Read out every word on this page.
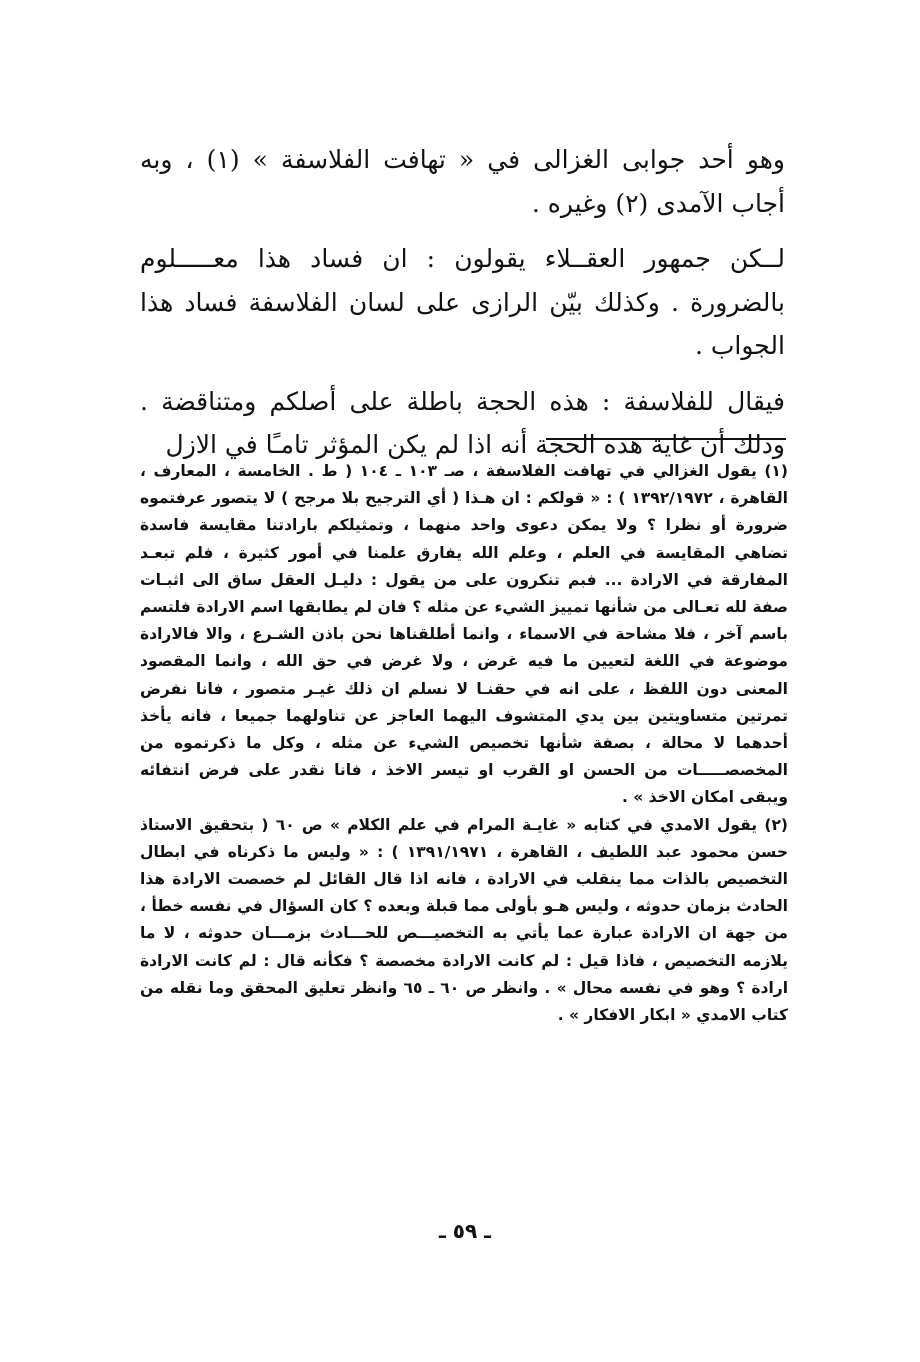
وهو أحد جوابى الغزالى في « تهافت الفلاسفة » (١) ، وبه أجاب الآمدى (٢) وغيره .

لــكن جمهور العقــلاء يقولون : ان فساد هذا معـــــلوم بالضرورة . وكذلك بيّن الرازى على لسان الفلاسفة فساد هذا الجواب .

فيقال للفلاسفة : هذه الحجة باطلة على أصلكم ومتناقضة . وذلك أن غاية هذه الحجة أنه اذا لم يكن المؤثر تامـًا في الازل

(١) يقول الغزالي في تهافت الفلاسفة ، صـ ١٠٣ ـ ١٠٤ ( ط . الخامسة ، المعارف ، القاهرة ، ١٣٩٢/١٩٧٢ ) : « قولكم : ان هـذا ( أي الترجيح بلا مرجح ) لا يتصور عرفتموه ضرورة أو نظرا ؟ ولا يمكن دعوى واحد منهما ، وتمثيلكم بارادتنا مقايسة فاسدة تضاهي المقايسة في العلم ، وعلم الله يفارق علمنا في أمور كثيرة ، فلم تبعـد المفارقة في الارادة ... فبم تنكرون على من يقول : دليـل العقل ساق الى اثبـات صفة لله تعـالى من شأنها تمييز الشيء عن مثله ؟ فان لم يطابقها اسم الارادة فلتسم باسم آخر ، فلا مشاحة في الاسماء ، وانما أطلقناها نحن باذن الشـرع ، والا فالارادة موضوعة في اللغة لتعيين ما فيه غرض ، ولا غرض في حق الله ، وانما المقصود المعنى دون اللفظ ، على انه في حقنـا لا نسلم ان ذلك غيـر متصور ، فانا نفرض تمرتين متساويتين بين يدي المتشوف اليهما العاجز عن تناولهما جميعا ، فانه يأخذ أحدهما لا محالة ، بصفة شأنها تخصيص الشيء عن مثله ، وكل ما ذكرتموه من المخصصـــــات من الحسن او القرب او تيسر الاخذ ، فانا نقدر على فرض انتفائه ويبقى امكان الاخذ » .

(٢) يقول الامدي في كتابه « غايـة المرام في علم الكلام » ص ٦٠ ( بتحقيق الاستاذ حسن محمود عبد اللطيف ، القاهرة ، ١٣٩١/١٩٧١ ) : « وليس ما ذكرناه في ابطال التخصيص بالذات مما ينقلب في الارادة ، فانه اذا قال القائل لم خصصت الارادة هذا الحادث بزمان حدوثه ، وليس هـو بأولى مما قبلة وبعده ؟ كان السؤال في نفسه خطأ ، من جهة ان الارادة عبارة عما يأتي به التخصيـــص للحـــادث بزمـــان حدوثه ، لا ما يلازمه التخصيص ، فاذا قيل : لم كانت الارادة مخصصة ؟ فكأنه قال : لم كانت الارادة ارادة ؟ وهو في نفسه محال » . وانظر ص ٦٠ ـ ٦٥ وانظر تعليق المحقق وما نقله من كتاب الامدي « ابكار الافكار » .

ـ ٥٩ ـ
